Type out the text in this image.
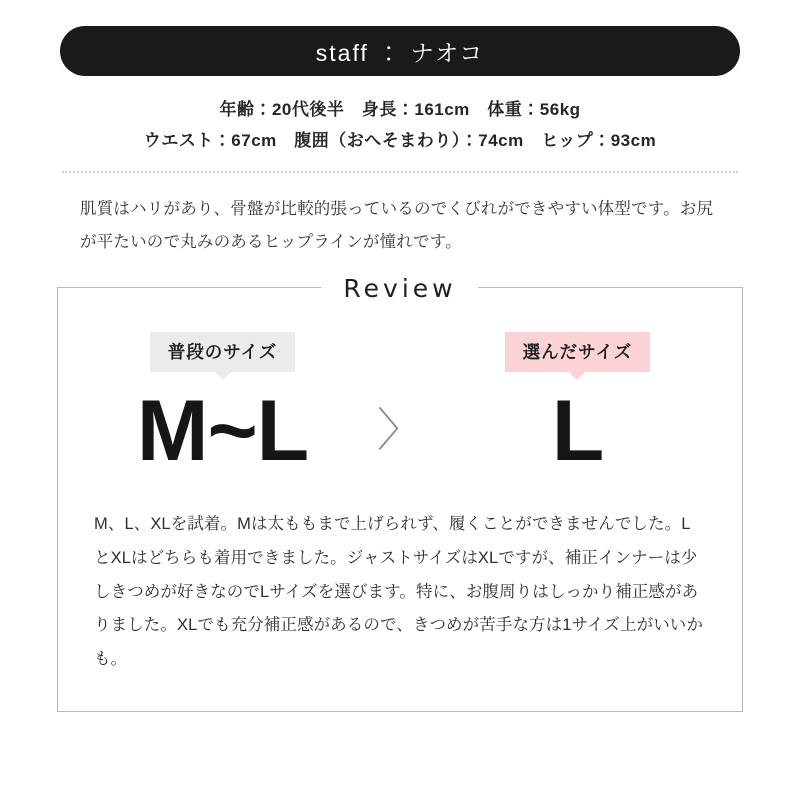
staff ： ナオコ
年齢：20代後半　身長：161cm　体重：56kg
ウエスト：67cm　腹囲（おへそまわり）：74cm　ヒップ：93cm
肌質はハリがあり、骨盤が比較的張っているのでくびれができやすい体型です。お尻が平たいので丸みのあるヒップラインが憧れです。
Review
普段のサイズ
M~L	〉
選んだサイズ
L
M、L、XLを試着。Mは太ももまで上げられず、履くことができませんでした。LとXLはどちらも着用できました。ジャストサイズはXLですが、補正インナーは少しきつめが好きなのでLサイズを選びます。特に、お腹周りはしっかり補正感がありました。XLでも充分補正感があるので、きつめが苦手な方は1サイズ上がいいかも。
